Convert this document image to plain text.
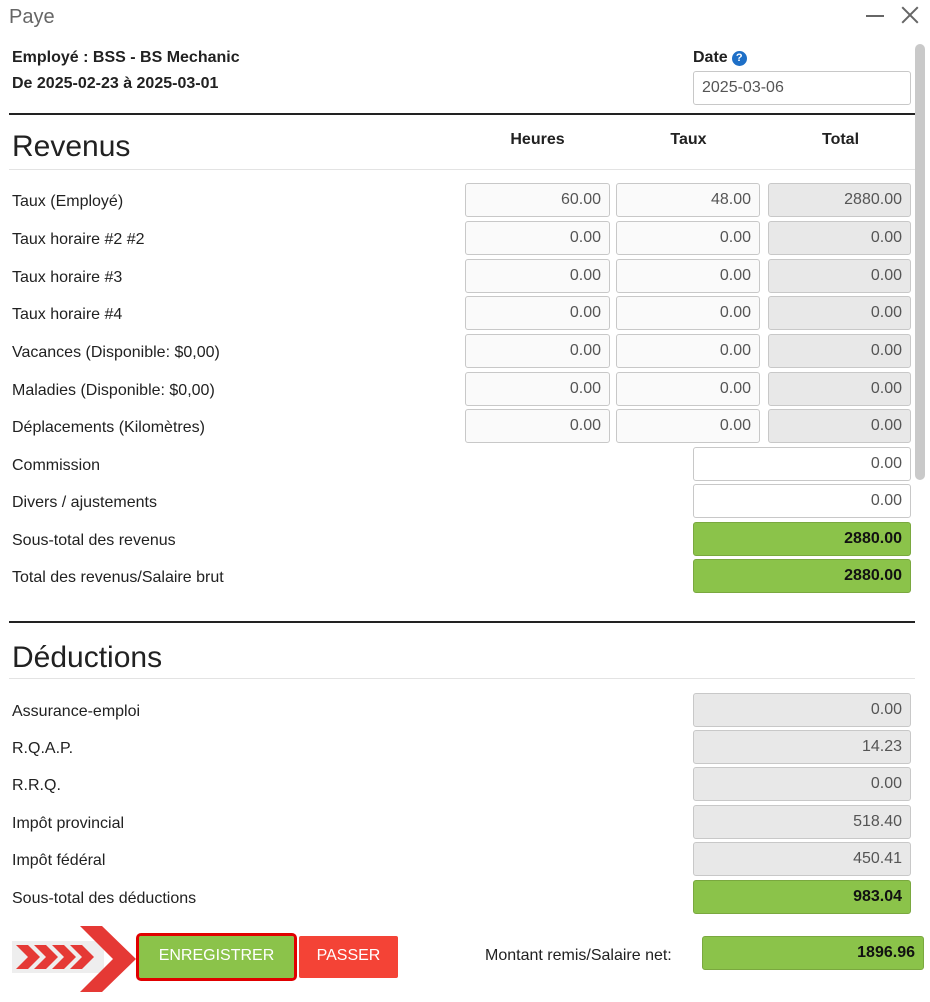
Paye
Employé : BSS - BS Mechanic
De 2025-02-23 à 2025-03-01
Date ?
2025-03-06
Revenus	Heures	Taux	Total
Taux (Employé)	60.00	48.00	2880.00
Taux horaire #2 #2	0.00	0.00	0.00
Taux horaire #3	0.00	0.00	0.00
Taux horaire #4	0.00	0.00	0.00
Vacances (Disponible: $0,00)	0.00	0.00	0.00
Maladies (Disponible: $0,00)	0.00	0.00	0.00
Déplacements (Kilomètres)	0.00	0.00	0.00
Commission	0.00
Divers / ajustements	0.00
Sous-total des revenus	2880.00
Total des revenus/Salaire brut	2880.00
Déductions
Assurance-emploi	0.00
R.Q.A.P.	14.23
R.R.Q.	0.00
Impôt provincial	518.40
Impôt fédéral	450.41
Sous-total des déductions	983.04
ENREGISTRER	PASSER	Montant remis/Salaire net:	1896.96
